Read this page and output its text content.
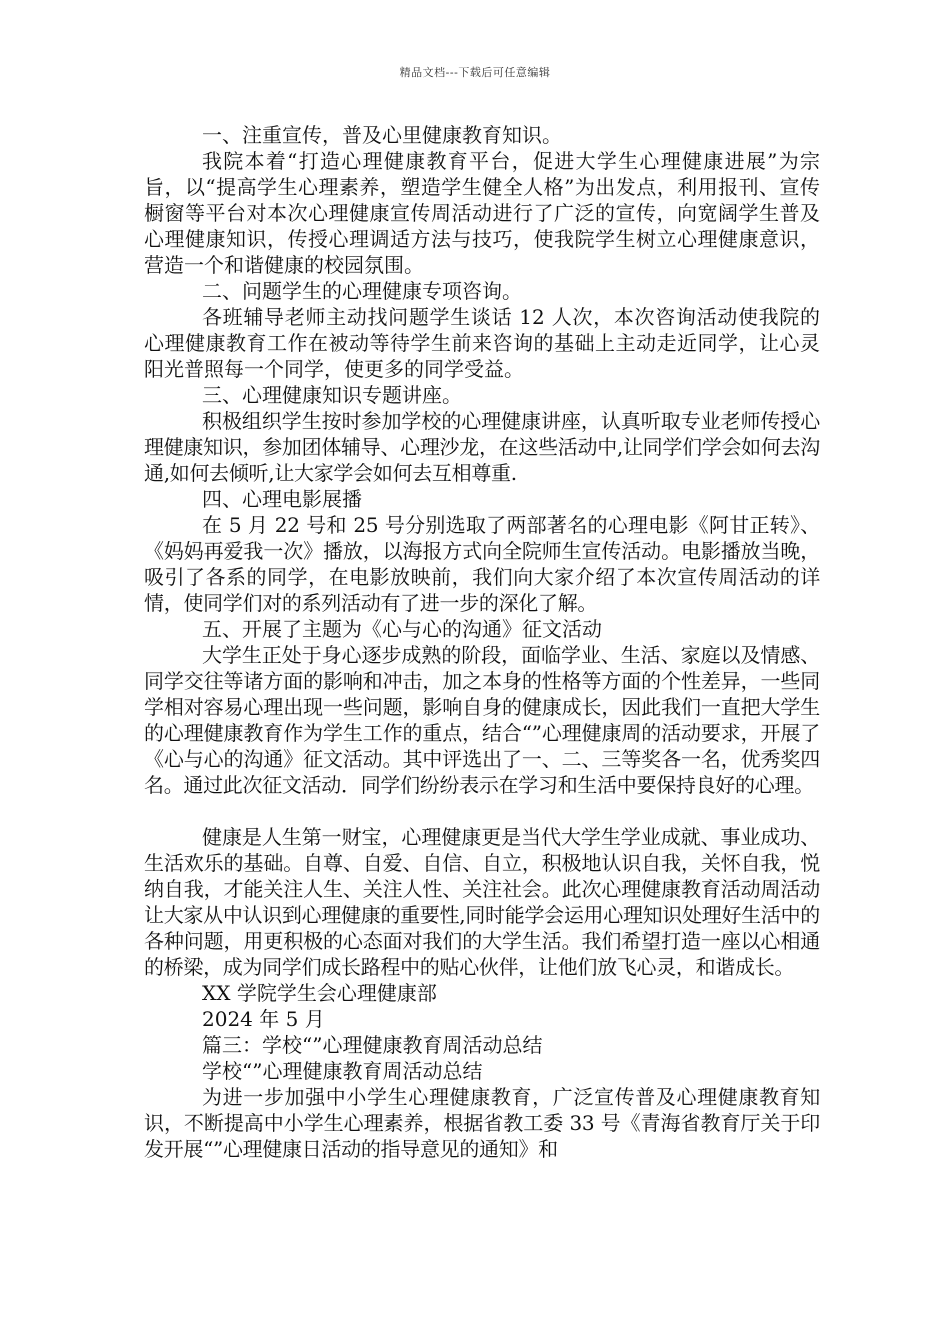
精品文档---下载后可任意编辑

一、注重宣传，普及心里健康教育知识。

我院本着“打造心理健康教育平台，促进大学生心理健康进展”为宗旨，以“提高学生心理素养，塑造学生健全人格”为出发点，利用报刊、宣传橱窗等平台对本次心理健康宣传周活动进行了广泛的宣传，向宽阔学生普及心理健康知识，传授心理调适方法与技巧，使我院学生树立心理健康意识，营造一个和谐健康的校园氛围。

二、问题学生的心理健康专项咨询。

各班辅导老师主动找问题学生谈话 12 人次，本次咨询活动使我院的心理健康教育工作在被动等待学生前来咨询的基础上主动走近同学，让心灵阳光普照每一个同学，使更多的同学受益。

三、心理健康知识专题讲座。

积极组织学生按时参加学校的心理健康讲座，认真听取专业老师传授心理健康知识，参加团体辅导、心理沙龙，在这些活动中,让同学们学会如何去沟通,如何去倾听,让大家学会如何去互相尊重.

四、心理电影展播

在 5 月 22 号和 25 号分别选取了两部著名的心理电影《阿甘正转》、《妈妈再爱我一次》播放，以海报方式向全院师生宣传活动。电影播放当晚，吸引了各系的同学，在电影放映前，我们向大家介绍了本次宣传周活动的详情，使同学们对的系列活动有了进一步的深化了解。

五、开展了主题为《心与心的沟通》征文活动

大学生正处于身心逐步成熟的阶段，面临学业、生活、家庭以及情感、同学交往等诸方面的影响和冲击，加之本身的性格等方面的个性差异，一些同学相对容易心理出现一些问题，影响自身的健康成长，因此我们一直把大学生的心理健康教育作为学生工作的重点，结合“”心理健康周的活动要求，开展了《心与心的沟通》征文活动。其中评选出了一、二、三等奖各一名，优秀奖四名。通过此次征文活动．同学们纷纷表示在学习和生活中要保持良好的心理。

健康是人生第一财宝，心理健康更是当代大学生学业成就、事业成功、生活欢乐的基础。自尊、自爱、自信、自立，积极地认识自我，关怀自我，悦纳自我，才能关注人生、关注人性、关注社会。此次心理健康教育活动周活动让大家从中认识到心理健康的重要性,同时能学会运用心理知识处理好生活中的各种问题，用更积极的心态面对我们的大学生活。我们希望打造一座以心相通的桥梁，成为同学们成长路程中的贴心伙伴，让他们放飞心灵，和谐成长。

XX 学院学生会心理健康部

2024 年 5 月

篇三：学校“”心理健康教育周活动总结

学校“”心理健康教育周活动总结

为进一步加强中小学生心理健康教育，广泛宣传普及心理健康教育知识，不断提高中小学生心理素养，根据省教工委 33 号《青海省教育厅关于印发开展“”心理健康日活动的指导意见的通知》和
